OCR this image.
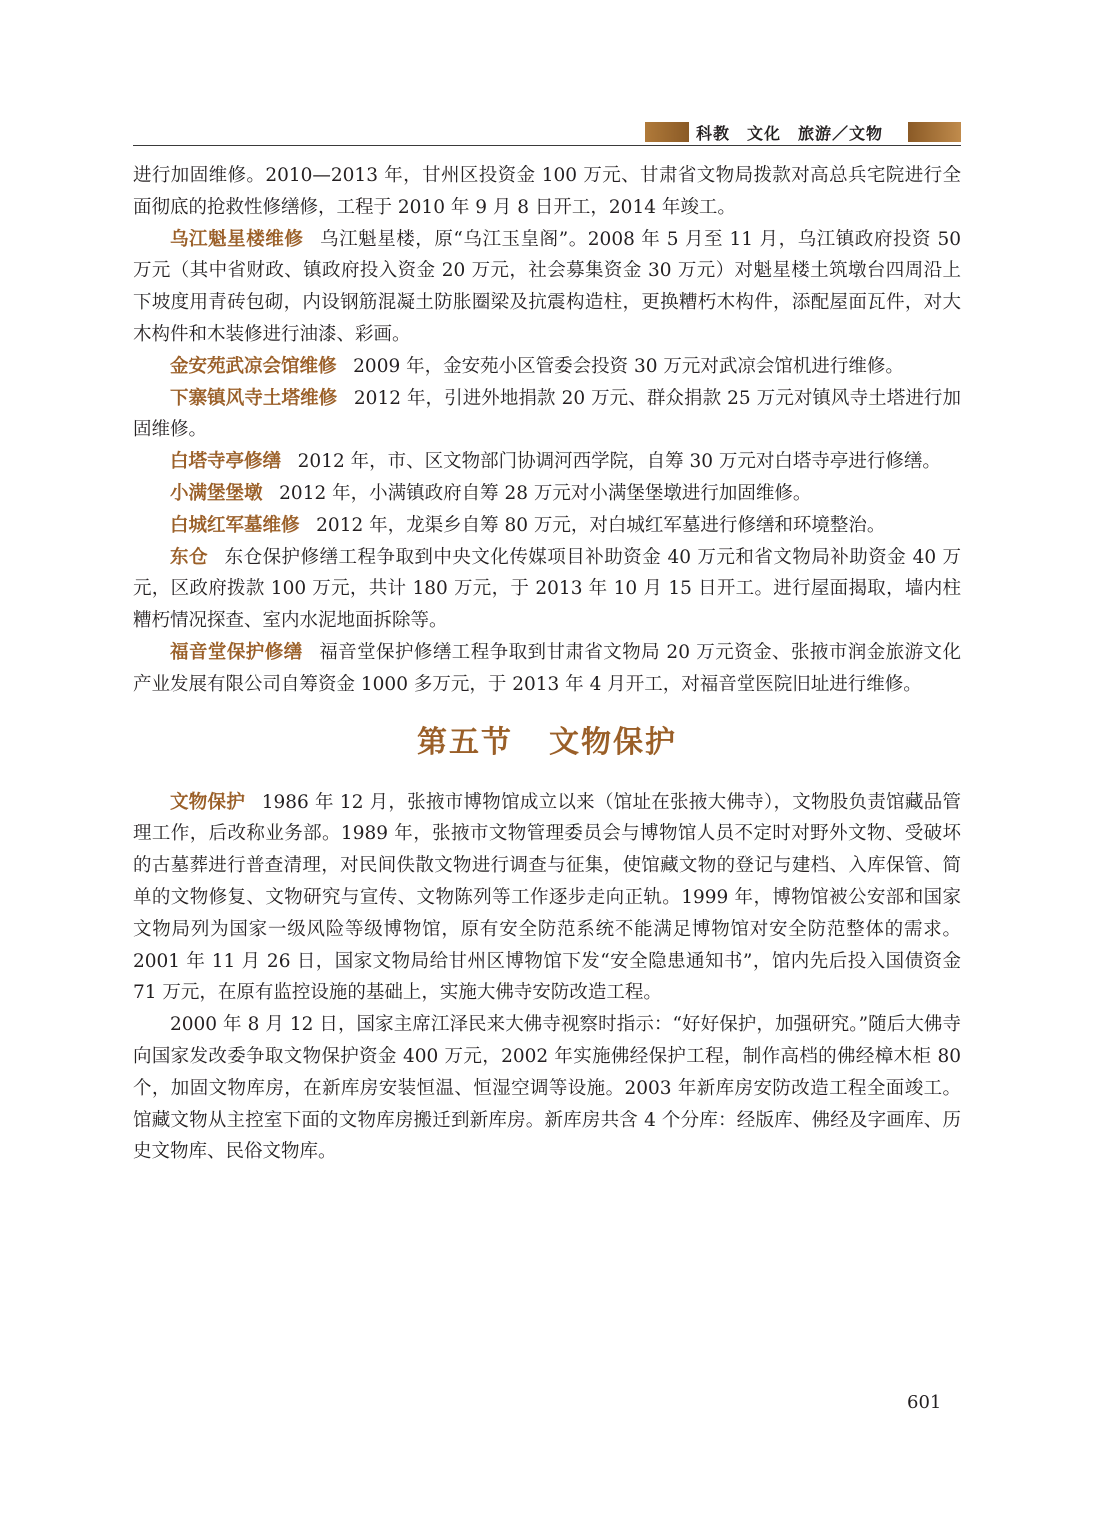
科教　文化　旅游／文物

进行加固维修。2010—2013 年，甘州区投资金 100 万元、甘肃省文物局拨款对高总兵宅院进行全面彻底的抢救性修缮修，工程于 2010 年 9 月 8 日开工，2014 年竣工。

乌江魁星楼维修 乌江魁星楼，原“乌江玉皇阁”。2008 年 5 月至 11 月，乌江镇政府投资 50 万元（其中省财政、镇政府投入资金 20 万元，社会募集资金 30 万元）对魁星楼土筑墩台四周沿上下坡度用青砖包砌，内设钢筋混凝土防胀圈梁及抗震构造柱，更换糟朽木构件，添配屋面瓦件，对大木构件和木装修进行油漆、彩画。

金安苑武凉会馆维修 2009 年，金安苑小区管委会投资 30 万元对武凉会馆机进行维修。

下寨镇风寺土塔维修 2012 年，引进外地捐款 20 万元、群众捐款 25 万元对镇风寺土塔进行加固维修。

白塔寺亭修缮 2012 年，市、区文物部门协调河西学院，自筹 30 万元对白塔寺亭进行修缮。

小满堡堡墩 2012 年，小满镇政府自筹 28 万元对小满堡堡墩进行加固维修。

白城红军墓维修 2012 年，龙渠乡自筹 80 万元，对白城红军墓进行修缮和环境整治。

东仓 东仓保护修缮工程争取到中央文化传媒项目补助资金 40 万元和省文物局补助资金 40 万元，区政府拨款 100 万元，共计 180 万元，于 2013 年 10 月 15 日开工。进行屋面揭取，墙内柱糟朽情况探查、室内水泥地面拆除等。

福音堂保护修缮 福音堂保护修缮工程争取到甘肃省文物局 20 万元资金、张掖市润金旅游文化产业发展有限公司自筹资金 1000 多万元，于 2013 年 4 月开工，对福音堂医院旧址进行维修。

第五节 文物保护

文物保护 1986 年 12 月，张掖市博物馆成立以来（馆址在张掖大佛寺），文物股负责馆藏品管理工作，后改称业务部。1989 年，张掖市文物管理委员会与博物馆人员不定时对野外文物、受破坏的古墓葬进行普查清理，对民间佚散文物进行调查与征集，使馆藏文物的登记与建档、入库保管、简单的文物修复、文物研究与宣传、文物陈列等工作逐步走向正轨。1999 年，博物馆被公安部和国家文物局列为国家一级风险等级博物馆，原有安全防范系统不能满足博物馆对安全防范整体的需求。2001 年 11 月 26 日，国家文物局给甘州区博物馆下发“安全隐患通知书”，馆内先后投入国债资金 71 万元，在原有监控设施的基础上，实施大佛寺安防改造工程。

2000 年 8 月 12 日，国家主席江泽民来大佛寺视察时指示：“好好保护，加强研究。”随后大佛寺向国家发改委争取文物保护资金 400 万元，2002 年实施佛经保护工程，制作高档的佛经樟木柜 80 个，加固文物库房，在新库房安装恒温、恒湿空调等设施。2003 年新库房安防改造工程全面竣工。馆藏文物从主控室下面的文物库房搬迁到新库房。新库房共含 4 个分库：经版库、佛经及字画库、历史文物库、民俗文物库。

601
